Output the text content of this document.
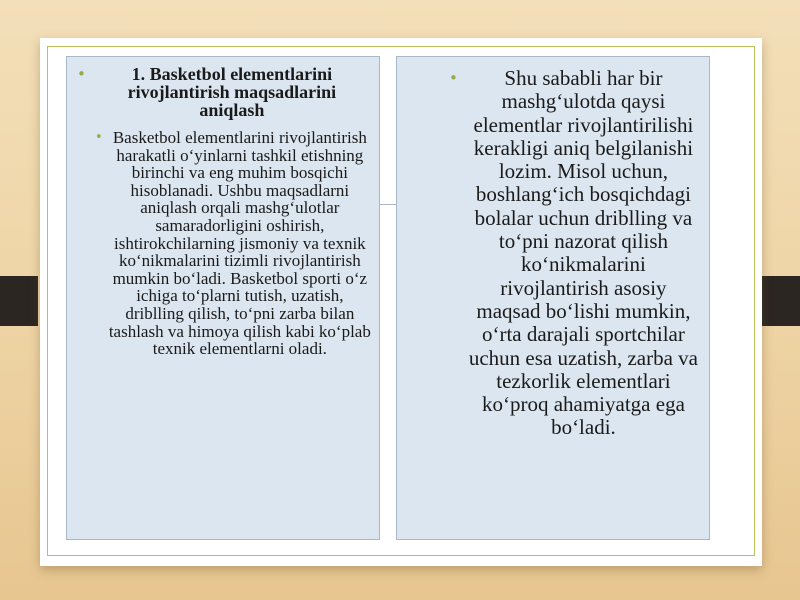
•	1. Basketbol elementlarini rivojlantirish maqsadlarini aniqlash
• Basketbol elementlarini rivojlantirish harakatli o‘yinlarni tashkil etishning birinchi va eng muhim bosqichi hisoblanadi. Ushbu maqsadlarni aniqlash orqali mashg‘ulotlar samaradorligini oshirish, ishtirokchilarning jismoniy va texnik ko‘nikmalarini tizimli rivojlantirish mumkin bo‘ladi. Basketbol sporti o‘z ichiga to‘plarni tutish, uzatish, driblling qilish, to‘pni zarba bilan tashlash va himoya qilish kabi ko‘plab texnik elementlarni oladi.
•	Shu sababli har bir mashg‘ulotda qaysi elementlar rivojlantirilishi kerakligi aniq belgilanishi lozim. Misol uchun, boshlang‘ich bosqichdagi bolalar uchun driblling va to‘pni nazorat qilish ko‘nikmalarini rivojlantirish asosiy maqsad bo‘lishi mumkin, o‘rta darajali sportchilar uchun esa uzatish, zarba va tezkorlik elementlari ko‘proq ahamiyatga ega bo‘ladi.
